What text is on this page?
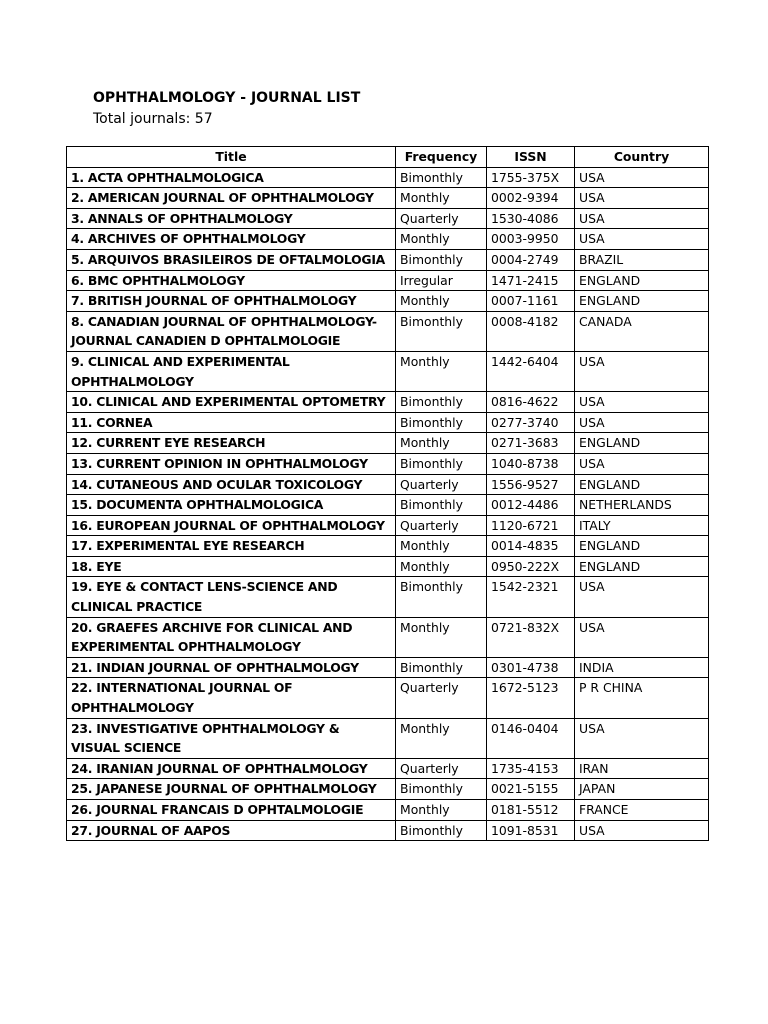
OPHTHALMOLOGY - JOURNAL LIST
Total journals: 57
Title	Frequency	ISSN	Country
1. ACTA OPHTHALMOLOGICA	Bimonthly	1755-375X	USA
2. AMERICAN JOURNAL OF OPHTHALMOLOGY	Monthly	0002-9394	USA
3. ANNALS OF OPHTHALMOLOGY	Quarterly	1530-4086	USA
4. ARCHIVES OF OPHTHALMOLOGY	Monthly	0003-9950	USA
5. ARQUIVOS BRASILEIROS DE OFTALMOLOGIA	Bimonthly	0004-2749	BRAZIL
6. BMC OPHTHALMOLOGY	Irregular	1471-2415	ENGLAND
7. BRITISH JOURNAL OF OPHTHALMOLOGY	Monthly	0007-1161	ENGLAND
8. CANADIAN JOURNAL OF OPHTHALMOLOGY-JOURNAL CANADIEN D OPHTALMOLOGIE	Bimonthly	0008-4182	CANADA
9. CLINICAL AND EXPERIMENTAL OPHTHALMOLOGY	Monthly	1442-6404	USA
10. CLINICAL AND EXPERIMENTAL OPTOMETRY	Bimonthly	0816-4622	USA
11. CORNEA	Bimonthly	0277-3740	USA
12. CURRENT EYE RESEARCH	Monthly	0271-3683	ENGLAND
13. CURRENT OPINION IN OPHTHALMOLOGY	Bimonthly	1040-8738	USA
14. CUTANEOUS AND OCULAR TOXICOLOGY	Quarterly	1556-9527	ENGLAND
15. DOCUMENTA OPHTHALMOLOGICA	Bimonthly	0012-4486	NETHERLANDS
16. EUROPEAN JOURNAL OF OPHTHALMOLOGY	Quarterly	1120-6721	ITALY
17. EXPERIMENTAL EYE RESEARCH	Monthly	0014-4835	ENGLAND
18. EYE	Monthly	0950-222X	ENGLAND
19. EYE & CONTACT LENS-SCIENCE AND CLINICAL PRACTICE	Bimonthly	1542-2321	USA
20. GRAEFES ARCHIVE FOR CLINICAL AND EXPERIMENTAL OPHTHALMOLOGY	Monthly	0721-832X	USA
21. INDIAN JOURNAL OF OPHTHALMOLOGY	Bimonthly	0301-4738	INDIA
22. INTERNATIONAL JOURNAL OF OPHTHALMOLOGY	Quarterly	1672-5123	P R CHINA
23. INVESTIGATIVE OPHTHALMOLOGY & VISUAL SCIENCE	Monthly	0146-0404	USA
24. IRANIAN JOURNAL OF OPHTHALMOLOGY	Quarterly	1735-4153	IRAN
25. JAPANESE JOURNAL OF OPHTHALMOLOGY	Bimonthly	0021-5155	JAPAN
26. JOURNAL FRANCAIS D OPHTALMOLOGIE	Monthly	0181-5512	FRANCE
27. JOURNAL OF AAPOS	Bimonthly	1091-8531	USA
